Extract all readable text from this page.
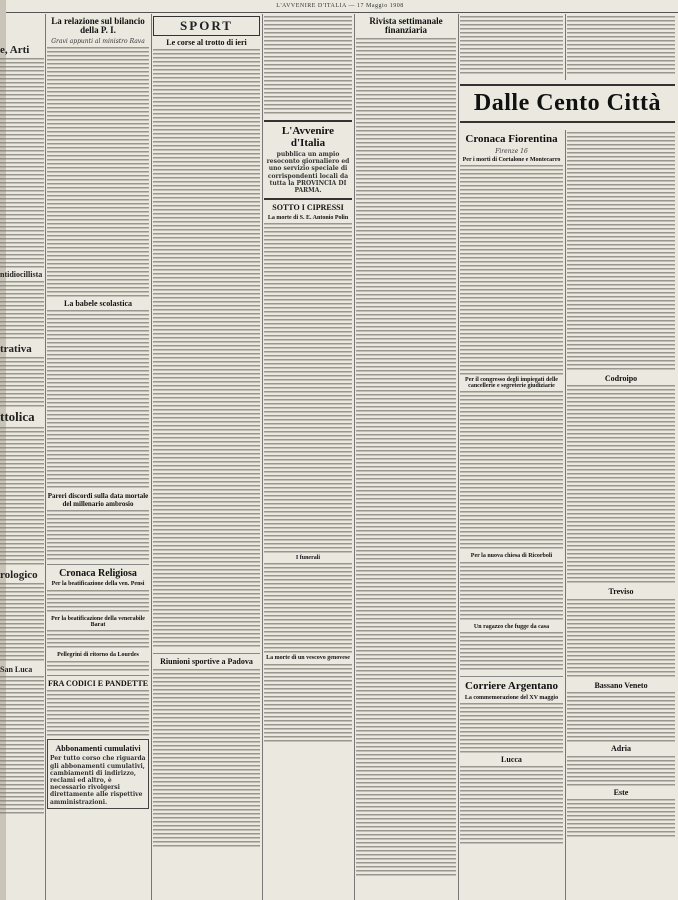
L'AVVENIRE D'ITALIA — 17 Maggio 1908
e, Arti
ntidiocillista
trativa
ttolica
rologico
San Luca
La relazione sul bilancio della P. I.
Gravi appunti al ministro Rava
La babele scolastica
Pareri discordi sulla data mortale del millenario ambrosio
Cronaca Religiosa
Per la beatificazione della ven. Pensi
Per la beatificazione della venerabile Barat
Pellegrini di ritorno da Lourdes
FRA CODICI E PANDETTE
Abbonamenti cumulativi
Per tutto corso che riguarda gli abbonamenti cumulativi, cambiamenti di indirizzo, reclami ed altro, è necessario rivolgersi direttamente alle rispettive amministrazioni.
SPORT
Le corse al trotto di ieri
Riunioni sportive a Padova
L'Avvenire d'Italia
pubblica un ampio resoconto giornaliero ed uno servizio speciale di corrispondenti locali da tutta la PROVINCIA DI PARMA.
SOTTO I CIPRESSI
La morte di S. E. Antonio Polin
I funerali
La morte di un vescovo genovese
Rivista settimanale finanziaria
Dalle Cento Città
Cronaca Fiorentina
Firenze 16
Per i morti di Cortalone e Montecarro
Per il congresso degli impiegati delle cancellerie e segreterie giudiziarie
Per la nuova chiesa di Ricorboli
Un ragazzo che fugge da casa
Corriere Argentano
La commemorazione del XV maggio
Lucca
Codroipo
Treviso
Bassano Veneto
Adria
Este
